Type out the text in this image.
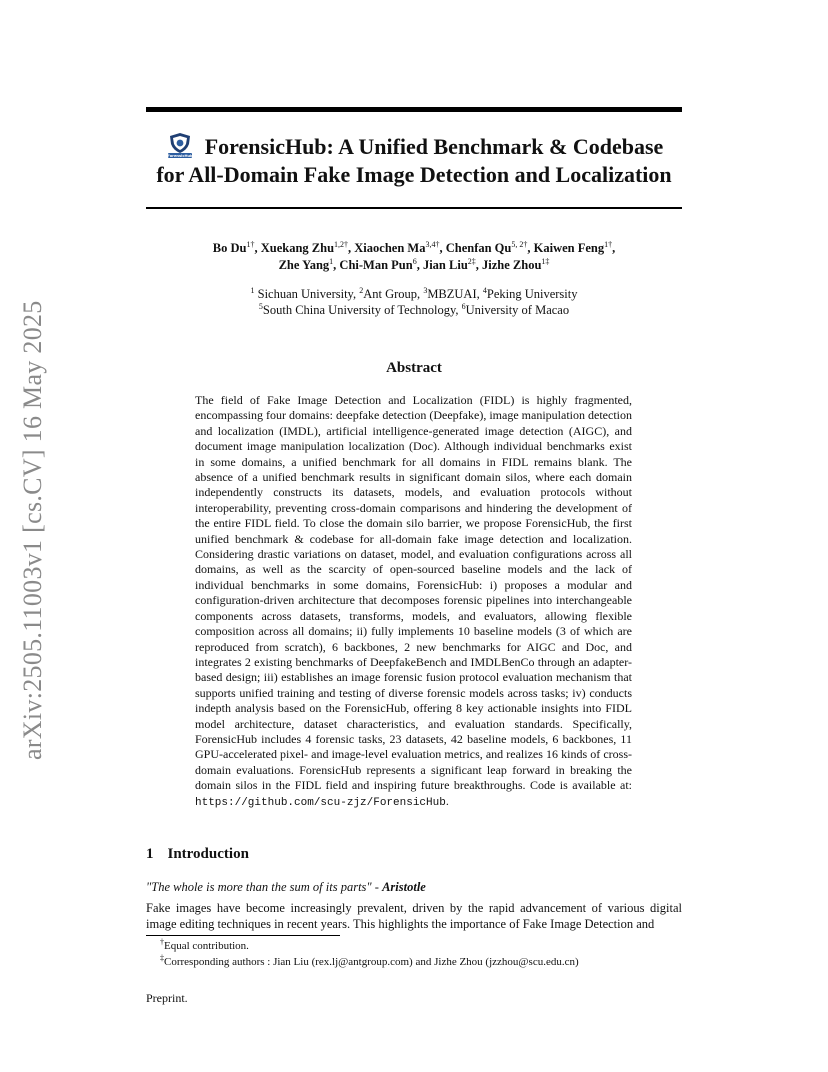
arXiv:2505.11003v1 [cs.CV] 16 May 2025
ForensicHub ForensicHub: A Unified Benchmark & Codebase
for All-Domain Fake Image Detection and Localization
Bo $Du^{1\dagger}$, Xuekang Zhu$^{1,2\dagger}$, Xiaochen $Ma^{3,4\dagger}$, Chenfan $Qu^{5, 2\dagger}$, Kaiwen Feng$^{1\dagger}$,
Zhe Yang$^1$, Chi-Man Pun$^6$, Jian Liu$^{2\ddagger}$, Jizhe Zhou$^{1\ddagger}$
$^1$ Sichuan University, $^2$Ant Group, $^3$MBZUAI, $^4$Peking University
$^5$South China University of Technology, $^6$University of Macao
Abstract
The field of Fake Image Detection and Localization (FIDL) is highly fragmented, encompassing four domains: deepfake detection (Deepfake), image manipulation detection and localization (IMDL), artificial intelligence-generated image detection (AIGC), and document image manipulation localization (Doc). Although individual benchmarks exist in some domains, a unified benchmark for all domains in FIDL remains blank. The absence of a unified benchmark results in significant domain silos, where each domain independently constructs its datasets, models, and evaluation protocols without interoperability, preventing cross-domain comparisons and hindering the development of the entire FIDL field. To close the domain silo barrier, we propose ForensicHub, the first unified benchmark & codebase for all-domain fake image detection and localization. Considering drastic variations on dataset, model, and evaluation configurations across all domains, as well as the scarcity of open-sourced baseline models and the lack of individual benchmarks in some domains, ForensicHub: i) proposes a modular and configuration-driven architecture that decomposes forensic pipelines into interchangeable components across datasets, transforms, models, and evaluators, allowing flexible composition across all domains; ii) fully implements 10 baseline models (3 of which are reproduced from scratch), 6 backbones, 2 new benchmarks for AIGC and Doc, and integrates 2 existing benchmarks of DeepfakeBench and IMDLBenCo through an adapter-based design; iii) establishes an image forensic fusion protocol evaluation mechanism that supports unified training and testing of diverse forensic models across tasks; iv) conducts indepth analysis based on the ForensicHub, offering 8 key actionable insights into FIDL model architecture, dataset characteristics, and evaluation standards. Specifically, ForensicHub includes 4 forensic tasks, 23 datasets, 42 baseline models, 6 backbones, 11 GPU-accelerated pixel- and image-level evaluation metrics, and realizes 16 kinds of cross-domain evaluations. ForensicHub represents a significant leap forward in breaking the domain silos in the FIDL field and inspiring future breakthroughs. Code is available at: https://github.com/scu-zjz/ForensicHub.
1 Introduction
"The whole is more than the sum of its parts" - Aristotle
Fake images have become increasingly prevalent, driven by the rapid advancement of various digital image editing techniques in recent years. This highlights the importance of Fake Image Detection and
†Equal contribution.
‡Corresponding authors : Jian Liu (rex.lj@antgroup.com) and Jizhe Zhou (jzzhou@scu.edu.cn)
Preprint.
